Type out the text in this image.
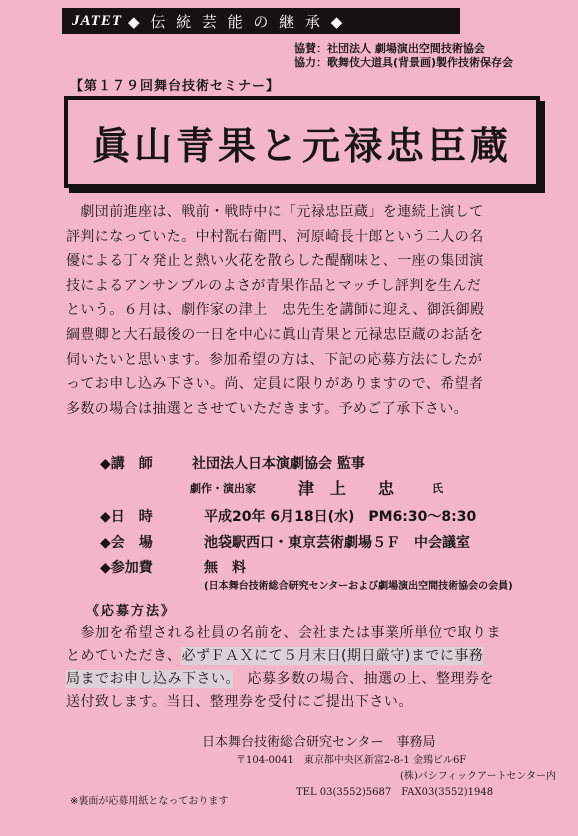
JATET ◆ 伝 統 芸 能 の 継 承 ◆
協賛：社団法人 劇場演出空間技術協会
協力：歌舞伎大道具(背景画)製作技術保存会
【第１７９回舞台技術セミナー】
眞山青果と元禄忠臣蔵

　劇団前進座は、戦前・戦時中に「元禄忠臣蔵」を連続上演して

評判になっていた。中村翫右衛門、河原崎長十郎という二人の名

優による丁々発止と熱い火花を散らした醍醐味と、一座の集団演

技によるアンサンブルのよさが青果作品とマッチし評判を生んだ

という。６月は、劇作家の津上　忠先生を講師に迎え、御浜御殿

綱豊卿と大石最後の一日を中心に眞山青果と元禄忠臣蔵のお話を

伺いたいと思います。参加希望の方は、下記の応募方法にしたが

ってお申し込み下さい。尚、定員に限りがありますので、希望者

多数の場合は抽選とさせていただきます。予めご了承下さい。

◆講　師	社団法人日本演劇協会 監事
劇作・演出家	津　上　　忠	氏
◆日　時	平成20年 6月18日(水)　PM6:30〜8:30
◆会　場	池袋駅西口・東京芸術劇場５Ｆ　中会議室
◆参加費	無　料
(日本舞台技術総合研究センターおよび劇場演出空間技術協会の会員)
《応募方法》

　参加を希望される社員の名前を、会社または事業所単位で取りま

とめていただき、必ずＦＡＸにて５月末日(期日厳守)までに事務

局までお申し込み下さい。　応募多数の場合、抽選の上、整理券を

送付致します。当日、整理券を受付にご提出下さい。

日本舞台技術総合研究センター　事務局
〒104-0041　東京都中央区新富2-8-1 金鵄ビル6F
(株)パシフィックアートセンター内
TEL 03(3552)5687　FAX03(3552)1948
※裏面が応募用紙となっております
